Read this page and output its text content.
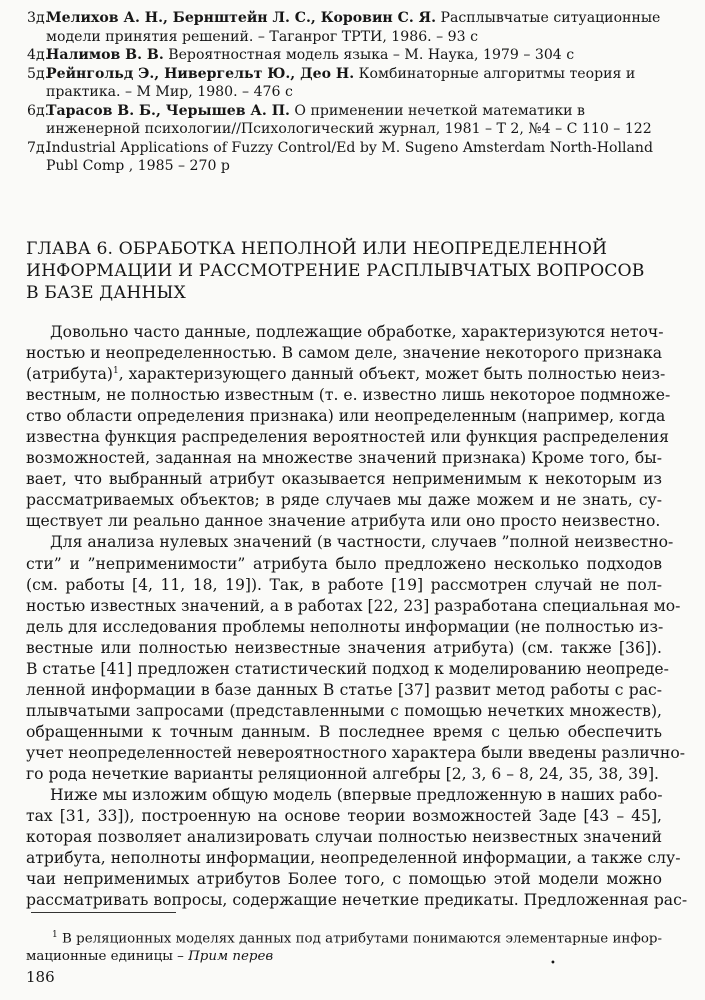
3д.
Мелихов А. Н., Бернштейн Л. С., Коровин С. Я. Расплывчатые ситуационные модели принятия решений. – Таганрог ТРТИ, 1986. – 93 с

4д.
Налимов В. В. Вероятностная модель языка – М. Наука, 1979 – 304 с

5д.
Рейнгольд Э., Нивергельт Ю., Део Н. Комбинаторные алгоритмы теория и практика. – М Мир, 1980. – 476 с

6д.
Тарасов В. Б., Черышев А. П. О применении нечеткой математики в инженерной психологии//Психологический журнал, 1981 – Т 2, №4 – С 110 – 122

7д.
Industrial Applications of Fuzzy Control/Ed by M. Sugeno Amsterdam North-Holland Publ Comp , 1985 – 270 p

ГЛАВА 6. ОБРАБОТКА НЕПОЛНОЙ ИЛИ НЕОПРЕДЕЛЕННОЙ
ИНФОРМАЦИИ И РАССМОТРЕНИЕ РАСПЛЫВЧАТЫХ ВОПРОСОВ
В БАЗЕ ДАННЫХ
Довольно часто данные, подлежащие обработке, характеризуются неточ-
ностью и неопределенностью. В самом деле, значение некоторого признака
(атрибута)$^1$, характеризующего данный объект, может быть полностью неиз-
вестным, не полностью известным (т. е. известно лишь некоторое подмноже-
ство области определения признака) или неопределенным (например, когда
известна функция распределения вероятностей или функция распределения
возможностей, заданная на множестве значений признака) Кроме того, бы-
вает, что выбранный атрибут оказывается неприменимым к некоторым из
рассматриваемых объектов; в ряде случаев мы даже можем и не знать, су-
ществует ли реально данное значение атрибута или оно просто неизвестно.
Для анализа нулевых значений (в частности, случаев ”полной неизвестно-
сти” и ”неприменимости” атрибута было предложено несколько подходов
(см. работы [4, 11, 18, 19]). Так, в работе [19] рассмотрен случай не пол-
ностью известных значений, а в работах [22, 23] разработана специальная мо-
дель для исследования проблемы неполноты информации (не полностью из-
вестные или полностью неизвестные значения атрибута) (см. также [36]).
В статье [41] предложен статистический подход к моделированию неопреде-
ленной информации в базе данных В статье [37] развит метод работы с рас-
плывчатыми запросами (представленными с помощью нечетких множеств),
обращенными к точным данным. В последнее время с целью обеспечить
учет неопределенностей невероятностного характера были введены различно-
го рода нечеткие варианты реляционной алгебры [2, 3, 6 – 8, 24, 35, 38, 39].
Ниже мы изложим общую модель (впервые предложенную в наших рабо-
тах [31, 33]), построенную на основе теории возможностей Заде [43 – 45],
которая позволяет анализировать случаи полностью неизвестных значений
атрибута, неполноты информации, неопределенной информации, а также слу-
чаи неприменимых атрибутов Более того, с помощью этой модели можно
рассматривать вопросы, содержащие нечеткие предикаты. Предложенная рас-
$^1$ В реляционных моделях данных под атрибутами понимаются элементарные инфор-
мационные единицы – Прим перев	•
186
